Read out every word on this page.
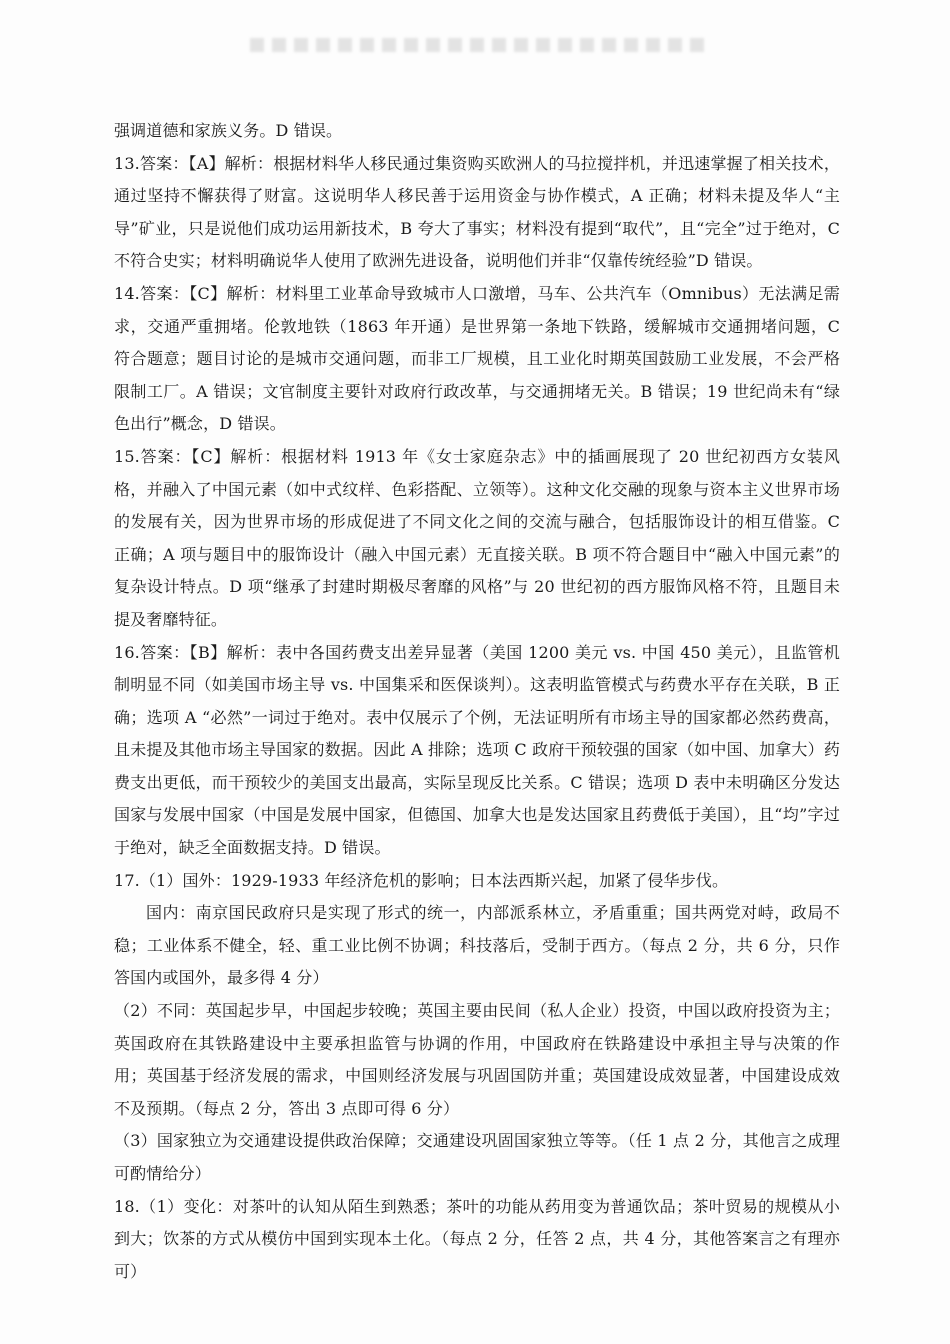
强调道德和家族义务。D 错误。

13.答案：【A】解析：根据材料华人移民通过集资购买欧洲人的马拉搅拌机，并迅速掌握了相关技术，通过坚持不懈获得了财富。这说明华人移民善于运用资金与协作模式，A 正确；材料未提及华人“主导”矿业，只是说他们成功运用新技术，B 夸大了事实；材料没有提到“取代”，且“完全”过于绝对，C 不符合史实；材料明确说华人使用了欧洲先进设备，说明他们并非“仅靠传统经验”D 错误。

14.答案：【C】解析：材料里工业革命导致城市人口激增，马车、公共汽车（Omnibus）无法满足需求，交通严重拥堵。伦敦地铁（1863 年开通）是世界第一条地下铁路，缓解城市交通拥堵问题，C 符合题意；题目讨论的是城市交通问题，而非工厂规模，且工业化时期英国鼓励工业发展，不会严格限制工厂。A 错误；文官制度主要针对政府行政改革，与交通拥堵无关。B 错误；19 世纪尚未有“绿色出行”概念，D 错误。

15.答案：【C】解析：根据材料 1913 年《女士家庭杂志》中的插画展现了 20 世纪初西方女装风格，并融入了中国元素（如中式纹样、色彩搭配、立领等）。这种文化交融的现象与资本主义世界市场的发展有关，因为世界市场的形成促进了不同文化之间的交流与融合，包括服饰设计的相互借鉴。C 正确；A 项与题目中的服饰设计（融入中国元素）无直接关联。B 项不符合题目中“融入中国元素”的复杂设计特点。D 项“继承了封建时期极尽奢靡的风格”与 20 世纪初的西方服饰风格不符，且题目未提及奢靡特征。

16.答案：【B】解析：表中各国药费支出差异显著（美国 1200 美元 vs. 中国 450 美元），且监管机制明显不同（如美国市场主导 vs. 中国集采和医保谈判）。这表明监管模式与药费水平存在关联，B 正确；选项 A “必然”一词过于绝对。表中仅展示了个例，无法证明所有市场主导的国家都必然药费高，且未提及其他市场主导国家的数据。因此 A 排除；选项 C 政府干预较强的国家（如中国、加拿大）药费支出更低，而干预较少的美国支出最高，实际呈现反比关系。C 错误；选项 D 表中未明确区分发达国家与发展中国家（中国是发展中国家，但德国、加拿大也是发达国家且药费低于美国），且“均”字过于绝对，缺乏全面数据支持。D 错误。

17.（1）国外：1929-1933 年经济危机的影响；日本法西斯兴起，加紧了侵华步伐。

国内：南京国民政府只是实现了形式的统一，内部派系林立，矛盾重重；国共两党对峙，政局不稳；工业体系不健全，轻、重工业比例不协调；科技落后，受制于西方。（每点 2 分，共 6 分，只作答国内或国外，最多得 4 分）

（2）不同：英国起步早，中国起步较晚；英国主要由民间（私人企业）投资，中国以政府投资为主；英国政府在其铁路建设中主要承担监管与协调的作用，中国政府在铁路建设中承担主导与决策的作用；英国基于经济发展的需求，中国则经济发展与巩固国防并重；英国建设成效显著，中国建设成效不及预期。（每点 2 分，答出 3 点即可得 6 分）

（3）国家独立为交通建设提供政治保障；交通建设巩固国家独立等等。（任 1 点 2 分，其他言之成理可酌情给分）

18.（1）变化：对茶叶的认知从陌生到熟悉；茶叶的功能从药用变为普通饮品；茶叶贸易的规模从小到大；饮茶的方式从模仿中国到实现本土化。（每点 2 分，任答 2 点，共 4 分，其他答案言之有理亦可）
